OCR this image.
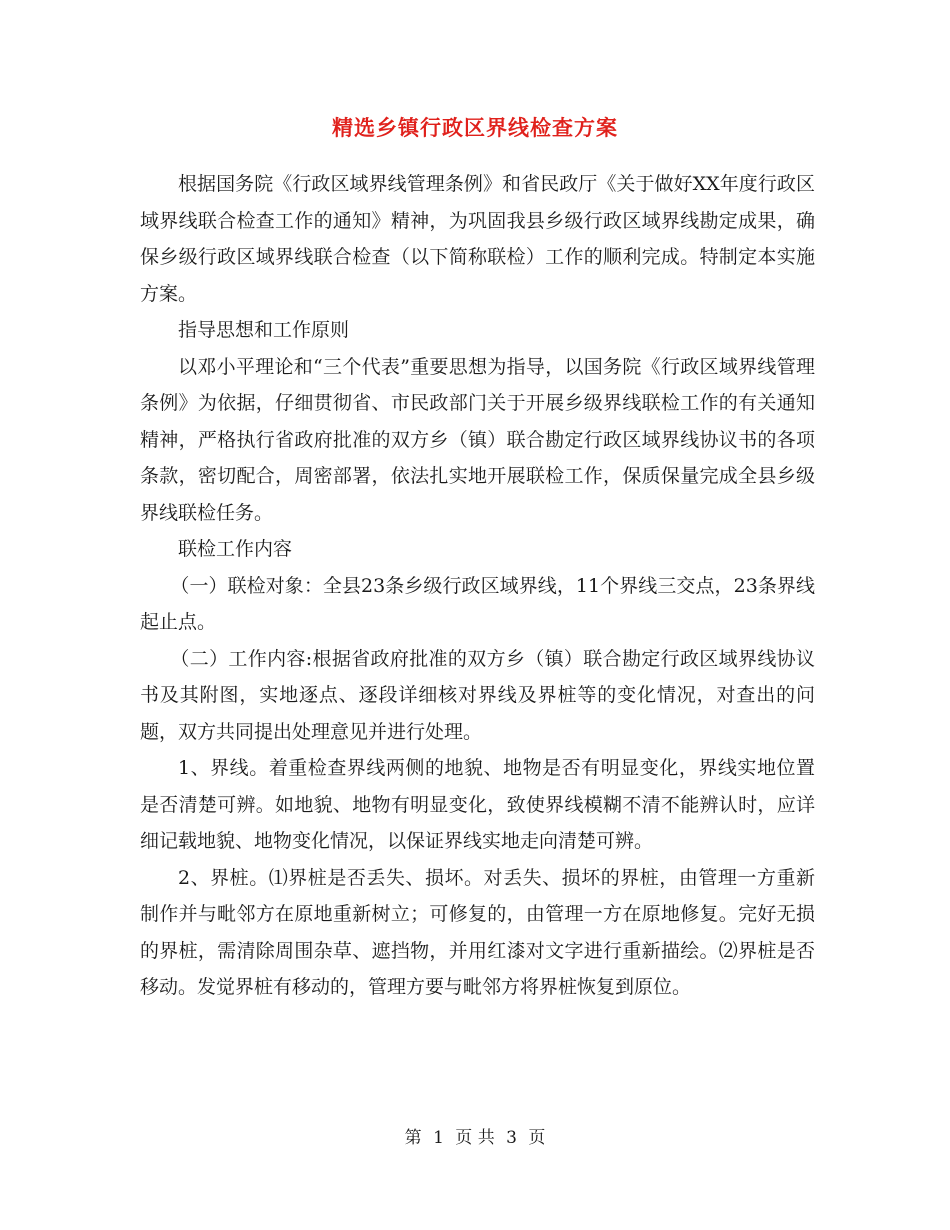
精选乡镇行政区界线检查方案

根据国务院《行政区域界线管理条例》和省民政厅《关于做好XX年度行政区域界线联合检查工作的通知》精神，为巩固我县乡级行政区域界线勘定成果，确保乡级行政区域界线联合检查（以下简称联检）工作的顺利完成。特制定本实施方案。

指导思想和工作原则

以邓小平理论和“三个代表”重要思想为指导，以国务院《行政区域界线管理条例》为依据，仔细贯彻省、市民政部门关于开展乡级界线联检工作的有关通知精神，严格执行省政府批准的双方乡（镇）联合勘定行政区域界线协议书的各项条款，密切配合，周密部署，依法扎实地开展联检工作，保质保量完成全县乡级界线联检任务。

联检工作内容

（一）联检对象：全县23条乡级行政区域界线，11个界线三交点，23条界线起止点。

（二）工作内容:根据省政府批准的双方乡（镇）联合勘定行政区域界线协议书及其附图，实地逐点、逐段详细核对界线及界桩等的变化情况，对查出的问题，双方共同提出处理意见并进行处理。

1、界线。着重检查界线两侧的地貌、地物是否有明显变化，界线实地位置是否清楚可辨。如地貌、地物有明显变化，致使界线模糊不清不能辨认时，应详细记载地貌、地物变化情况，以保证界线实地走向清楚可辨。

2、界桩。⑴界桩是否丢失、损坏。对丢失、损坏的界桩，由管理一方重新制作并与毗邻方在原地重新树立；可修复的，由管理一方在原地修复。完好无损的界桩，需清除周围杂草、遮挡物，并用红漆对文字进行重新描绘。⑵界桩是否移动。发觉界桩有移动的，管理方要与毗邻方将界桩恢复到原位。

第 1 页 共 3 页
